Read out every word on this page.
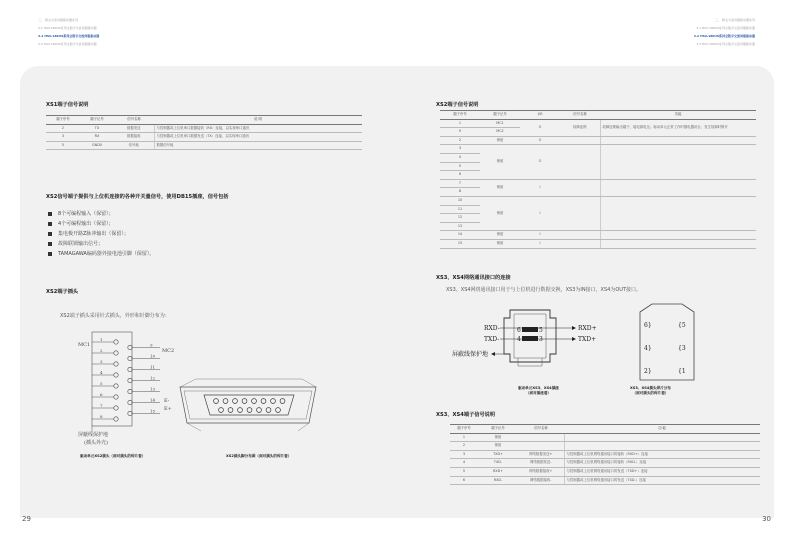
三、 相关交流伺服驱动器系列
3.1 HSV-180US系列全数字交流伺服驱动器
3.2 HSV-180US系列全数字交流伺服驱动器
3.3 HSV-160US系列全数字交流伺服驱动器
三、 相关交流伺服驱动器系列
3.1 HSV-180US系列全数字交流伺服驱动器
3.2 HSV-180US系列全数字交流伺服驱动器
3.3 HSV-160US系列全数字交流伺服驱动器
XS1端子信号说明
端子序号	端子记号	信号名称	说 明
2	TX	数据发送	与控制器或上位机串口数据接收（RX）连接，以实现串口通讯
3	RX	数据接收	与控制器或上位机串口数据发送（TX）连接，以实现串口通讯
5	GND0	信号地	数据信号地
XS2信号端子提供与上位机连接的各种开关量信号，使用DB15插座，信号包括
8个可编程输入（保留）；
4个可编程输出（保留）；
集电极开路Z脉冲输出（保留）；
故障联锁输出信号；
TAMAGAWA编码器外接电池引脚（保留）。
XS2端子插头
XS2端子插头采用针式插头，外形和针脚分布为：
1
2
3
4
5
6
7
8
9
10
11
12
13
14
15
MC1
MC2
E-
E+
屏蔽线保护地
(插头外壳)
驱动单元XS2插头（面对插头的焊片看）	XS2插头脚分布图（面对插头的焊片看）
29
XS2端子信号说明
端子序号	端子记号	I/O	信号名称	功能
1	MC1	O	故障连锁	故障连锁输出端子，接电源电压。驱动单元正常工作时继电器闭合，发生故障时断开
9	MC2			
2	保留	O		
3	保留	O		
4				
5				
6				
7	保留	I		
8				
10	保留	I		
11				
12				
13				
14	保留	I		
15	保留	I		
XS3、XS4网络通讯接口的连接
XS3、XS4网络通讯接口用于与上位机进行数据交换，XS3为IN接口，XS4为OUT接口。
6	5
4	3
RXD-
TXD-
RXD+
TXD+
屏蔽线保护地
6}	{5
4}	{3
2}	{1
驱动单元XS3、XS4插座
（面对插座看）
XS3、XS4插头焊片分布
（面对插头的焊片看）
XS3、XS4端子信号说明
端子序号	端子记号	信号名称	功 能
1	保留		
2	保留		
3	TXD+	网络数据发送+	与控制器或上位机网络通讯接口的接收（RXD+）连接
4	TXD-	网络数据发送-	与控制器或上位机网络通讯接口的接收（RXD-）连接
5	RXD+	网络数据接收+	与控制器或上位机网络通讯接口的发送（TXD+）连接
6	RXD-	网络数据接收-	与控制器或上位机网络通讯接口的发送（TXD-）连接
30
